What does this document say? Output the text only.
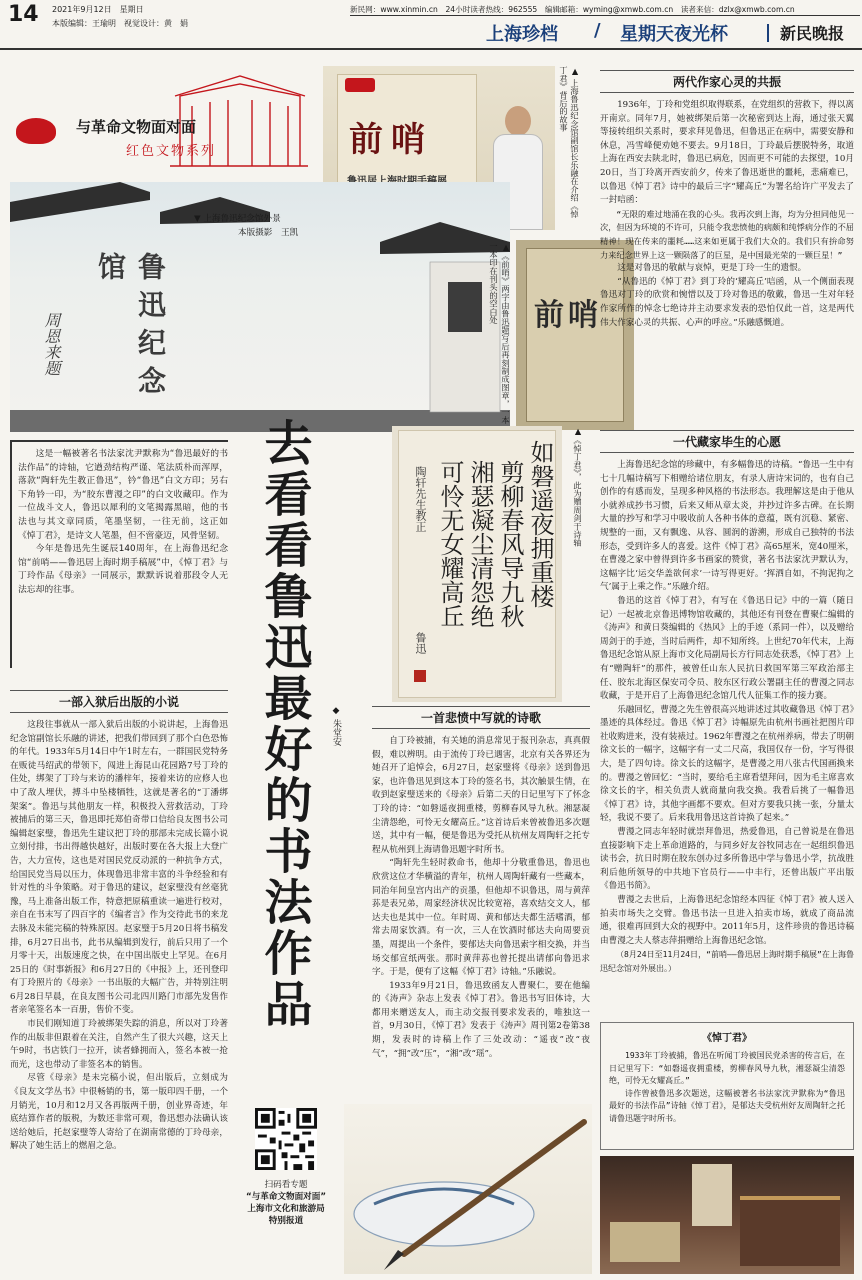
14 2021年9月12日　星期日
本版编辑：王瑜明　视觉设计：黄　娟
新民网：www.xinmin.cn　24小时读者热线：962555　编辑邮箱：wyming@xmwb.com.cn　读者来信：dzlx@xmwb.com.cn
上海珍档 / 星期天夜光杯	新民晚报
与革命文物面对面
红色文物系列	前哨	▲ 上海鲁迅纪念馆副馆长乐融在介绍《悼丁君》背后的故事
鲁迅纪念馆
周恩来题
▼ 上海鲁迅纪念馆外景
本版摄影　王凯
▲《前哨》两字由鲁迅题写后再刻制成图章，一本一本印在刊头的空白处	前哨
两代作家心灵的共振

1936年，丁玲和党组织取得联系，在党组织的营救下，得以离开南京。同年7月，她被绑架后第一次秘密到达上海，通过张天翼等接转组织关系时，要求拜见鲁迅，但鲁迅正在病中，需要安静和休息，冯雪峰便劝她不要去。9月18日，丁玲最后摆脱特务，取道上海在西安去陕北时，鲁迅已病危，因而更不可能的去探望，10月20日，当丁玲离开西安前夕，传来了鲁迅逝世的噩耗，悲痛难已，以鲁迅《悼丁君》诗中的最后三字“耀高丘”为署名给许广平发去了一封唁函：

“无限的难过地涌在我的心头。我再次到上海，均为分担同他见一次，但因为环境的不许可，只能令我悲愤他的病颇和纯悸病分作的不屈精神！现在传来的噩耗……这来如更属于我们大众的。我们只有拚命努力来纪念世界上这一颗陨落了的巨星，是中国最光荣的一颗巨星！”

这是对鲁迅的敬献与哀悼，更是丁玲一生的遗恨。

“从鲁迅的《悼丁君》到丁玲的‘耀高丘’唁函，从一个侧面表现鲁迅对丁玲的欣赏和惋惜以及丁玲对鲁迅的敬戴，鲁迅一生对年轻作家所作的悼念七绝诗并主动要求发表的恐怕仅此一首，这是两代伟大作家心灵的共振、心声的呼应。”乐融感慨道。

这是一幅被著名书法家沈尹默称为“鲁迅最好的书法作品”的诗轴，它遒劲结构严谨、笔法质朴而浑厚，落款“陶轩先生教正鲁迅”，钤“鲁迅”白文方印；另右下角钤一印，为“胶东曹漫之印”的白文收藏印。作为一位战斗文人，鲁迅以犀利的文笔揭露黑暗，他的书法也与其文章同质，笔墨坚韧，一往无前，这正如《悼丁君》，是诗文人笔墨，但不啻豪迈，风骨坚韧。

今年是鲁迅先生诞辰140周年，在上海鲁迅纪念馆“前哨——鲁迅居上海时期手稿展”中，《悼丁君》与丁玲作品《母亲》一同展示，默默诉说着那段令人无法忘却的往事。	去看看鲁迅最好的书法作品 ◆ 朱堂安
如磐遥夜拥重楼
剪柳春风导九秋
湘瑟凝尘清怨绝
可怜无女耀高丘
陶轩先生教正
鲁迅
▲《悼丁君》，此为赠周剑于诗轴	一代藏家毕生的心愿

上海鲁迅纪念馆的珍藏中，有多幅鲁迅的诗稿。“鲁迅一生中有七十几幅诗稿写下相赠给诸位朋友，有录人唐诗宋词的，也有自己创作的有感而发，呈现多种风格的书法形态。我理解这是由于他从小就养成抄书习惯，后来又师从章太炎，并抄过许多古碑。在长期大量的抄写和学习中吸收前人各种书体的意蕴，既有沉稳、紧密、规整的一面，又有飘逸、从容、圆润的游溯，形成自己独特的书法形态，受到许多人的喜爱。这件《悼丁君》高65厘米，宽40厘米，在曹漫之家中曾得到许多书画家的赞赏，著名书法家沈尹默认为，这幅字比‘运交华盖欲何求’一诗写得更好。‘挥洒自如，不拘泥拘之气’属于上乘之作。”乐融介绍。

鲁迅的这首《悼丁君》，有写在《鲁迅日记》中的一篇（随日记）一起被北京鲁迅博物馆收藏的，其他还有刊登在曹聚仁编辑的《涛声》和黄日葵编辑的《热风》上的手迹（系同一件），以及赠给周剑于的手迹，当时后两件，却不知所终。上世纪70年代末，上海鲁迅纪念馆从原上海市文化局副局长方行同志处获悉，《悼丁君》上有“赠陶轩”的那件，被曾任山东人民抗日救国军第三军政治部主任、胶东北海区保安司令员、胶东区行政公署副主任的曹漫之同志收藏，于是开启了上海鲁迅纪念馆几代人征集工作的接力赛。

乐融回忆，曹漫之先生曾很高兴地讲述过其收藏鲁迅《悼丁君》墨迹的具体经过。鲁迅《悼丁君》诗幅原先由杭州书画社把图片印社收购进来，没有装裱过。1962年曹漫之在杭州养病，带去了明朝徐文长的一幅字，这幅字有一丈二尺高，我国仅存一份，字写得很大，是了四句诗。徐文长的这幅字，是曹漫之用八张古代国画换来的。曹漫之曾回忆：“当时，要给毛主席看望拜问，因为毛主席喜欢徐文长的字，相关负责人就商量向我交换。我看后挑了一幅鲁迅《悼丁君》诗，其他字画都不要欢。但对方要我只挑一张，分量太轻，我说不要了。后来我用鲁迅这首诗换了起来。”

曹漫之同志年轻时就崇拜鲁迅，热爱鲁迅，自己曾说是在鲁迅直接影响下走上革命道路的，与同乡好友谷牧同志在一起组织鲁迅读书会，抗日时期在胶东创办过多所鲁迅中学与鲁迅小学，抗战胜利后他所领导的中共地下官员行——中丰行，还曾出版广平出版《鲁迅书简》。

曹漫之去世后，上海鲁迅纪念馆经本四征《悼丁君》被人送入拍卖市场失之交臂。鲁迅书法一旦进入拍卖市场，就成了商品流通，很难再回到大众的视野中。2011年5月，这件珍贵的鲁迅诗稿由曹漫之夫人蔡志萍捐赠给上海鲁迅纪念馆。

（8月24日至11月24日，“前哨——鲁迅居上海时期手稿展”在上海鲁迅纪念馆对外展出。）

一部入狱后出版的小说

这段往事就从一部入狱后出版的小说讲起，上海鲁迅纪念馆副馆长乐融的讲述，把我们带回到了那个白色恐怖的年代。1933年5月14日中午1时左右，一群国民党特务在贩徒马绍武的带领下，闯进上海昆山花园路7号丁玲的住处，绑架了丁玲与来访的潘梓年，接着来访的应修人也中了敌人埋伏，搏斗中坠楼牺牲，这就是著名的“丁潘绑架案”。鲁迅与其他朋友一样，积极投入营救活动，丁玲被捕后的第三天，鲁迅即托郑伯奇带口信给良友图书公司编辑赵家璧，鲁迅先生建议把丁玲的那部未完成长篇小说立刻付排，书出得越快越好，出版时要在各大报上大登广告，大力宣传，这也是对国民党反动派的一种抗争方式，给国民党当局以压力，体现鲁迅非常丰富的斗争经验和有针对性的斗争策略。对于鲁迅的建议，赵家璧没有丝毫犹豫，马上准备出版工作，特意把原稿重读一遍进行校对，亲自在书末写了四百字的《编者言》作为交待此书的来龙去脉及未能完稿的特殊原因。赵家璧于5月20日将书稿发排，6月27日出书，此书从编辑到发行，前后只用了一个月零十天，出版速度之快，在中国出版史上罕见。在6月25日的《时事新报》和6月27日的《申报》上，还刊登印有丁玲照片的《母亲》一书出版的大幅广告，并特别注明6月28日早晨，在良友图书公司北四川路门市部先发售作者亲笔签名本一百册，售价不变。

市民们刚知道丁玲被绑架失踪的消息，所以对丁玲著作的出版非但跟着在关注，自然产生了很大兴趣，这天上午9时，书店铁门一拉开，读者蜂拥而入，签名本被一抢而光，这也带动了非签名本的销售。

尽管《母亲》是未完稿小说，但出版后，立刻成为《良友文学丛书》中很畅销的书，第一版印四千册，一个月销光，10月和12月又各再版两千册，创业界奇迹，年底结算作者的版税，为数还非常可观，鲁迅想办法确认该送给她后，托赵家璧等人寄给了在湖南常德的丁玲母亲，解决了她生活上的燃眉之急。

一首悲愤中写就的诗歌

自丁玲被捕，有关她的消息常见于报刊杂志，真真假假，难以辨明。由于流传丁玲已遇害，北京有关各界还为她召开了追悼会，6月27日，赵家璧将《母亲》送到鲁迅家，也许鲁迅见到这本丁玲的签名书，其次触景生情，在收到赵家璧送来的《母亲》后第二天的日记里写下了怀念丁玲的诗：“如磐遥夜拥重楼，剪柳春风导九秋。湘瑟凝尘清怨绝，可怜无女耀高丘。”这首诗后来曾被鲁迅多次题送，其中有一幅，便是鲁迅为受托从杭州友周陶轩之托专程从杭州到上海请鲁迅题字时所书。

“陶轩先生轻时救命书，他却十分敬重鲁迅，鲁迅也欣赏这位才华横溢的青年，杭州人周陶轩藏有一些藏本，同治年间皇宫内出产的贡墨，但他却不识鲁迅，周与黄萍荪是表兄弟，周家经济状况比较宽裕，喜欢结交文人，郁达夫也是其中一位。年时周、黄和郁达夫都生活嗜酒，郁常去周家饮酒。有一次，三人在饮酒时郁达夫向周要贡墨，周提出一个条件，要郁达夫向鲁迅索字相交换，并当场交郁宣纸两张。那时黄萍荪也曾托提出请郁向鲁迅求字。于是，便有了这幅《悼丁君》诗轴。”乐融说。

1933年9月21日，鲁迅致函友人曹聚仁，要在他编的《涛声》杂志上发表《悼丁君》。鲁迅书写旧体诗，大都用来赠送友人，而主动交报刊要求发表的，唯独这一首，9月30日，《悼丁君》发表于《涛声》周刊第2卷第38期，发表时的诗稿上作了三处改动：“遥夜”改“夜气”，“拥”改“压”，“湘”改“瑶”。

扫码看专题
“与革命文物面对面”
上海市文化和旅游局
特别报道
《悼丁君》

1933年丁玲被捕，鲁迅在听闻丁玲被国民党杀害的传言后，在日记里写下：“如磐遥夜拥重楼，剪柳春风导九秋，湘瑟凝尘清怨绝，可怜无女耀高丘。”

诗作曾被鲁迅多次题送，这幅被著名书法家沈尹默称为“鲁迅最好的书法作品”诗轴《悼丁君》，是郁达夫受杭州好友周陶轩之托请鲁迅题字时所书。
